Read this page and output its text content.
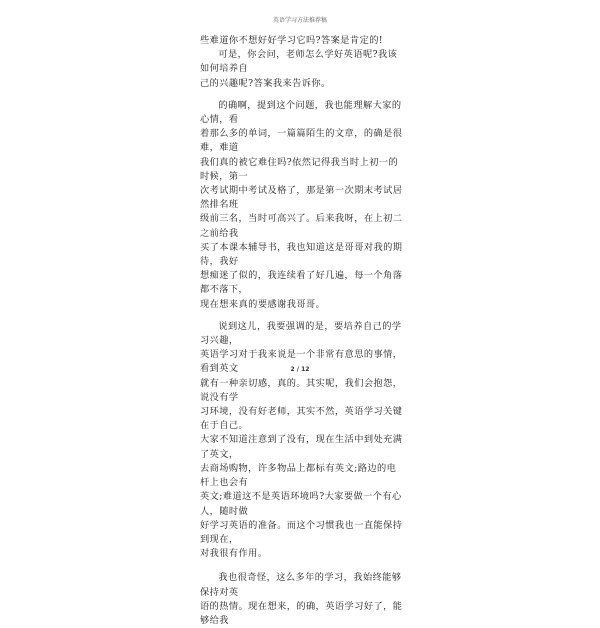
英语学习方法推荐稿

些难道你不想好好学习它吗?答案是肯定的!

可是，你会问，老师怎么学好英语呢?我该如何培养自

己的兴趣呢?答案我来告诉你。

的确啊，提到这个问题，我也能理解大家的心情，看

着那么多的单词，一篇篇陌生的文章，的确是很难，难道

我们真的被它难住吗?依然记得我当时上初一的时候，第一

次考试期中考试及格了，那是第一次期末考试居然排名班

级前三名，当时可高兴了。后来我呀，在上初二之前给我

买了本课本辅导书，我也知道这是哥哥对我的期待，我好

想痴迷了似的，我连续看了好几遍，每一个角落都不落下，

现在想来真的要感谢我哥哥。

说到这儿，我要强调的是，要培养自己的学习兴趣，

英语学习对于我来说是一个非常有意思的事情，看到英文

就有一种亲切感，真的。其实呢，我们会抱怨，说没有学

习环境，没有好老师，其实不然，英语学习关键在于自己。

大家不知道注意到了没有，现在生活中到处充满了英文，

去商场购物，许多物品上都标有英文;路边的电杆上也会有

英文;难道这不是英语环境吗?大家要做一个有心人，随时做

好学习英语的准备。而这个习惯我也一直能保持到现在，

对我很有作用。

我也很奇怪，这么多年的学习，我始终能够保持对英

语的热情。现在想来，的确，英语学习好了，能够给我

2 / 12
